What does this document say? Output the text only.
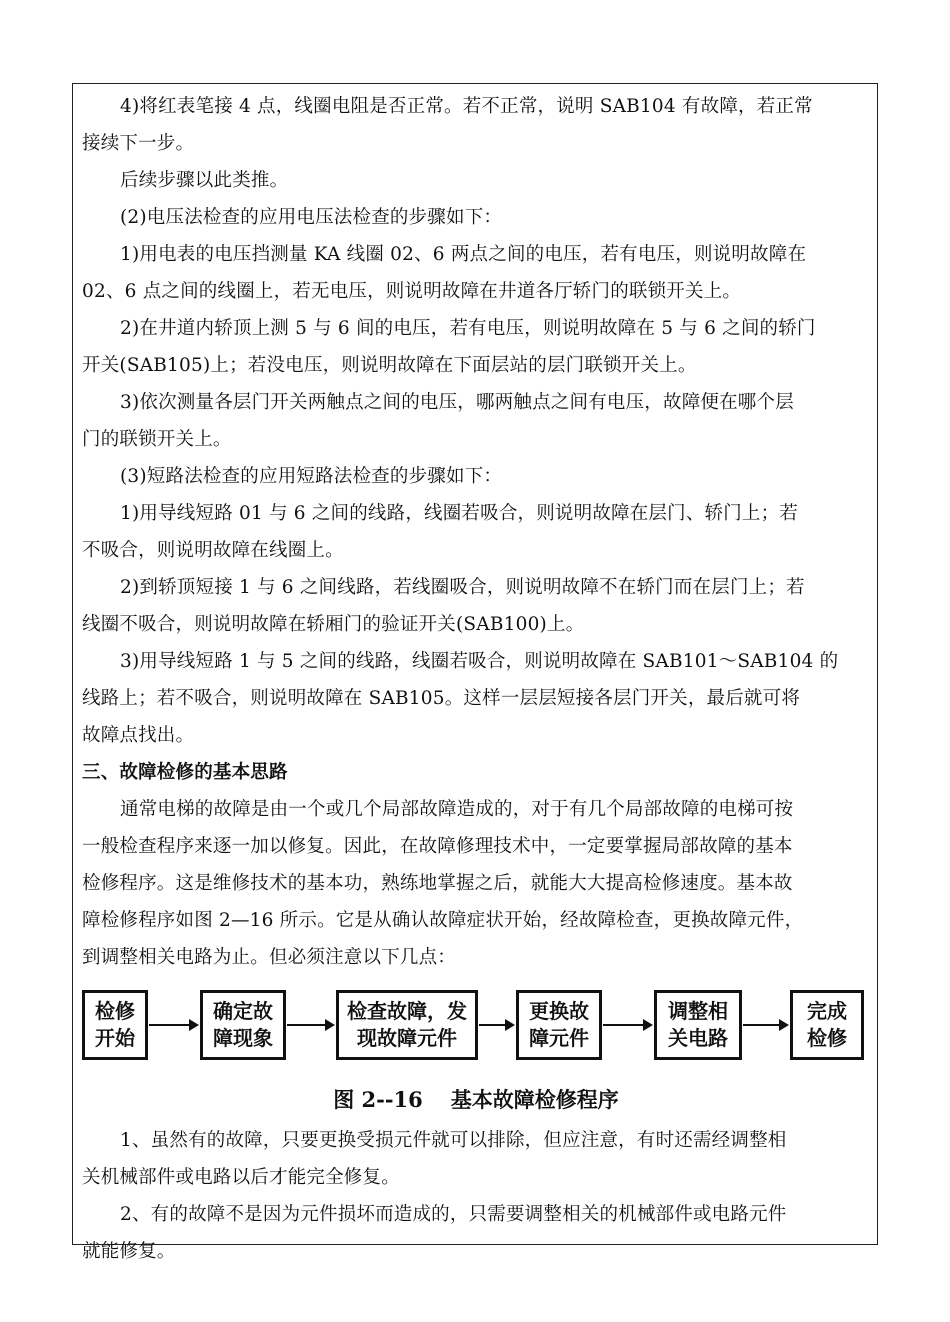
4)将红表笔接 4 点，线圈电阻是否正常。若不正常，说明 SAB104 有故障，若正常
接续下一步。
后续步骤以此类推。
(2)电压法检查的应用电压法检查的步骤如下：
1)用电表的电压挡测量 KA 线圈 02、6 两点之间的电压，若有电压，则说明故障在
02、6 点之间的线圈上，若无电压，则说明故障在井道各厅轿门的联锁开关上。
2)在井道内轿顶上测 5 与 6 间的电压，若有电压，则说明故障在 5 与 6 之间的轿门
开关(SAB105)上；若没电压，则说明故障在下面层站的层门联锁开关上。
3)依次测量各层门开关两触点之间的电压，哪两触点之间有电压，故障便在哪个层
门的联锁开关上。
(3)短路法检查的应用短路法检查的步骤如下：
1)用导线短路 01 与 6 之间的线路，线圈若吸合，则说明故障在层门、轿门上；若
不吸合，则说明故障在线圈上。
2)到轿顶短接 1 与 6 之间线路，若线圈吸合，则说明故障不在轿门而在层门上；若
线圈不吸合，则说明故障在轿厢门的验证开关(SAB100)上。
3)用导线短路 1 与 5 之间的线路，线圈若吸合，则说明故障在 SAB101～SAB104 的
线路上；若不吸合，则说明故障在 SAB105。这样一层层短接各层门开关，最后就可将
故障点找出。
三、故障检修的基本思路
通常电梯的故障是由一个或几个局部故障造成的，对于有几个局部故障的电梯可按
一般检查程序来逐一加以修复。因此，在故障修理技术中，一定要掌握局部故障的基本
检修程序。这是维修技术的基本功，熟练地掌握之后，就能大大提高检修速度。基本故
障检修程序如图 2—16 所示。它是从确认故障症状开始，经故障检查，更换故障元件，
到调整相关电路为止。但必须注意以下几点：
检修
开始
确定故
障现象
检查故障，发
现故障元件
更换故
障元件
调整相
关电路
完成
检修
图 2--16 基本故障检修程序
1、虽然有的故障，只要更换受损元件就可以排除，但应注意，有时还需经调整相
关机械部件或电路以后才能完全修复。
2、有的故障不是因为元件损坏而造成的，只需要调整相关的机械部件或电路元件
就能修复。
